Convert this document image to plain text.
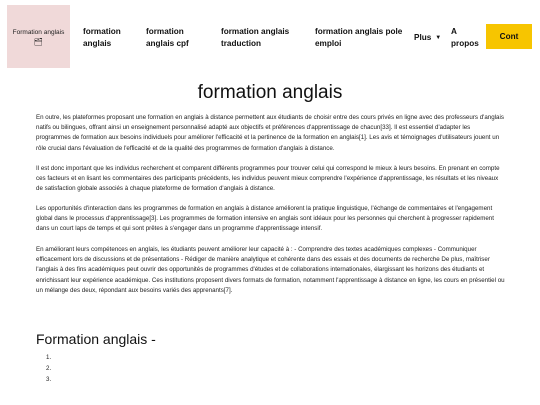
Formation anglais
🗂
formation
anglais
formation
anglais cpf
formation anglais
traduction
formation anglais pole
emploi
Plus ▼
A
propos
Cont
formation anglais

En outre, les plateformes proposant une formation en anglais à distance permettent aux étudiants de choisir entre des cours privés en ligne avec des professeurs d'anglais natifs ou bilingues, offrant ainsi un enseignement personnalisé adapté aux objectifs et préférences d'apprentissage de chacun[33]. Il est essentiel d'adapter les programmes de formation aux besoins individuels pour améliorer l'efficacité et la pertinence de la formation en anglais[1]. Les avis et témoignages d'utilisateurs jouent un rôle crucial dans l'évaluation de l'efficacité et de la qualité des programmes de formation d'anglais à distance.

Il est donc important que les individus recherchent et comparent différents programmes pour trouver celui qui correspond le mieux à leurs besoins. En prenant en compte ces facteurs et en lisant les commentaires des participants précédents, les individus peuvent mieux comprendre l'expérience d'apprentissage, les résultats et les niveaux de satisfaction globale associés à chaque plateforme de formation d'anglais à distance.

Les opportunités d'interaction dans les programmes de formation en anglais à distance améliorent la pratique linguistique, l'échange de commentaires et l'engagement global dans le processus d'apprentissage[3]. Les programmes de formation intensive en anglais sont idéaux pour les personnes qui cherchent à progresser rapidement dans un court laps de temps et qui sont prêtes à s'engager dans un programme d'apprentissage intensif.

En améliorant leurs compétences en anglais, les étudiants peuvent améliorer leur capacité à : - Comprendre des textes académiques complexes - Communiquer efficacement lors de discussions et de présentations - Rédiger de manière analytique et cohérente dans des essais et des documents de recherche De plus, maîtriser l'anglais à des fins académiques peut ouvrir des opportunités de programmes d'études et de collaborations internationales, élargissant les horizons des étudiants et enrichissant leur expérience académique. Ces institutions proposent divers formats de formation, notamment l'apprentissage à distance en ligne, les cours en présentiel ou un mélange des deux, répondant aux besoins variés des apprenants[7].

Formation anglais -
1.
2.
3.
